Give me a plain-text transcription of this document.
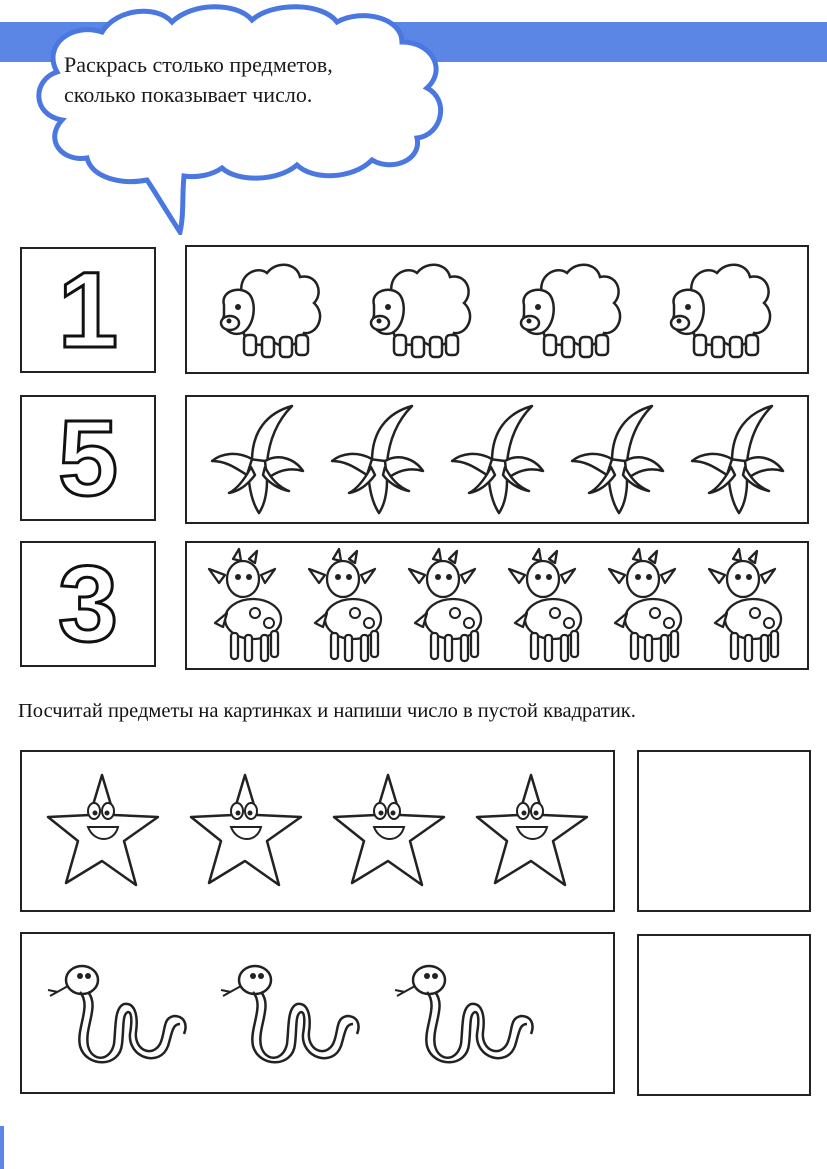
Раскрась столько предметов,
сколько показывает число.
1
5
3
Посчитай предметы на картинках и напиши число в пустой квадратик.
